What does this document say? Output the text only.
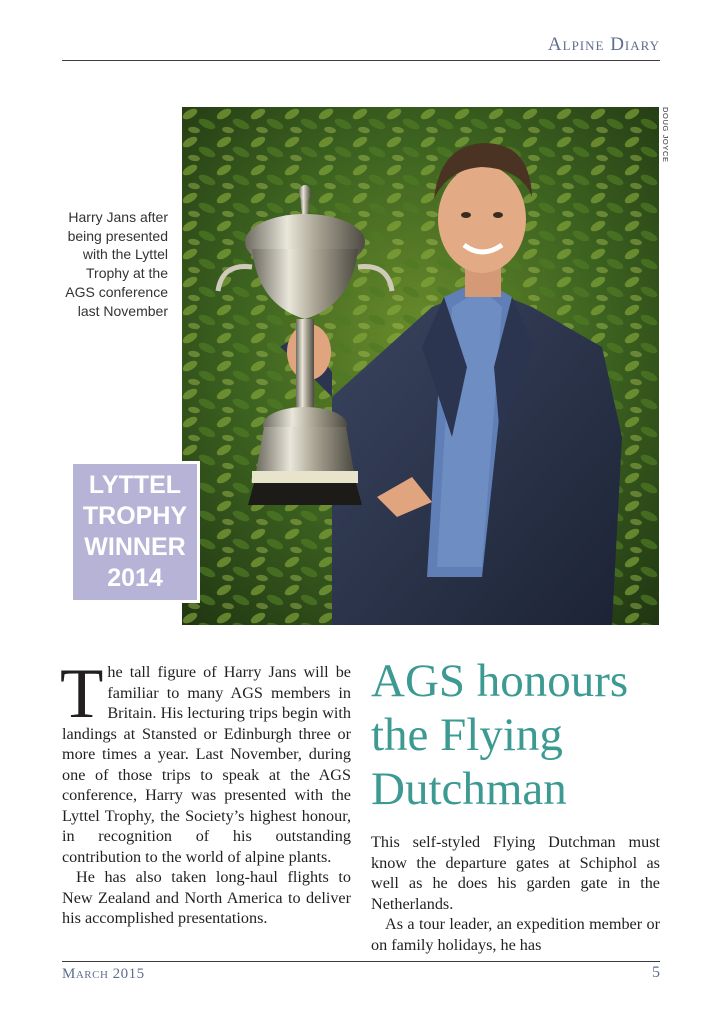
Alpine Diary
Harry Jans after being presented with the Lyttel Trophy at the AGS conference last November
DOUG JOYCE
LYTTEL
TROPHY
WINNER
2014

The tall figure of Harry Jans will be familiar to many AGS members in Britain. His lecturing trips begin with landings at Stansted or Edinburgh three or more times a year. Last November, during one of those trips to speak at the AGS conference, Harry was presented with the Lyttel Trophy, the Society’s highest honour, in recognition of his outstanding contribution to the world of alpine plants.

He has also taken long-haul flights to New Zealand and North America to deliver his accomplished presentations.

AGS honours the Flying Dutchman

This self-styled Flying Dutchman must know the departure gates at Schiphol as well as he does his garden gate in the Netherlands.

As a tour leader, an expedition member or on family holidays, he has

March 2015	5
